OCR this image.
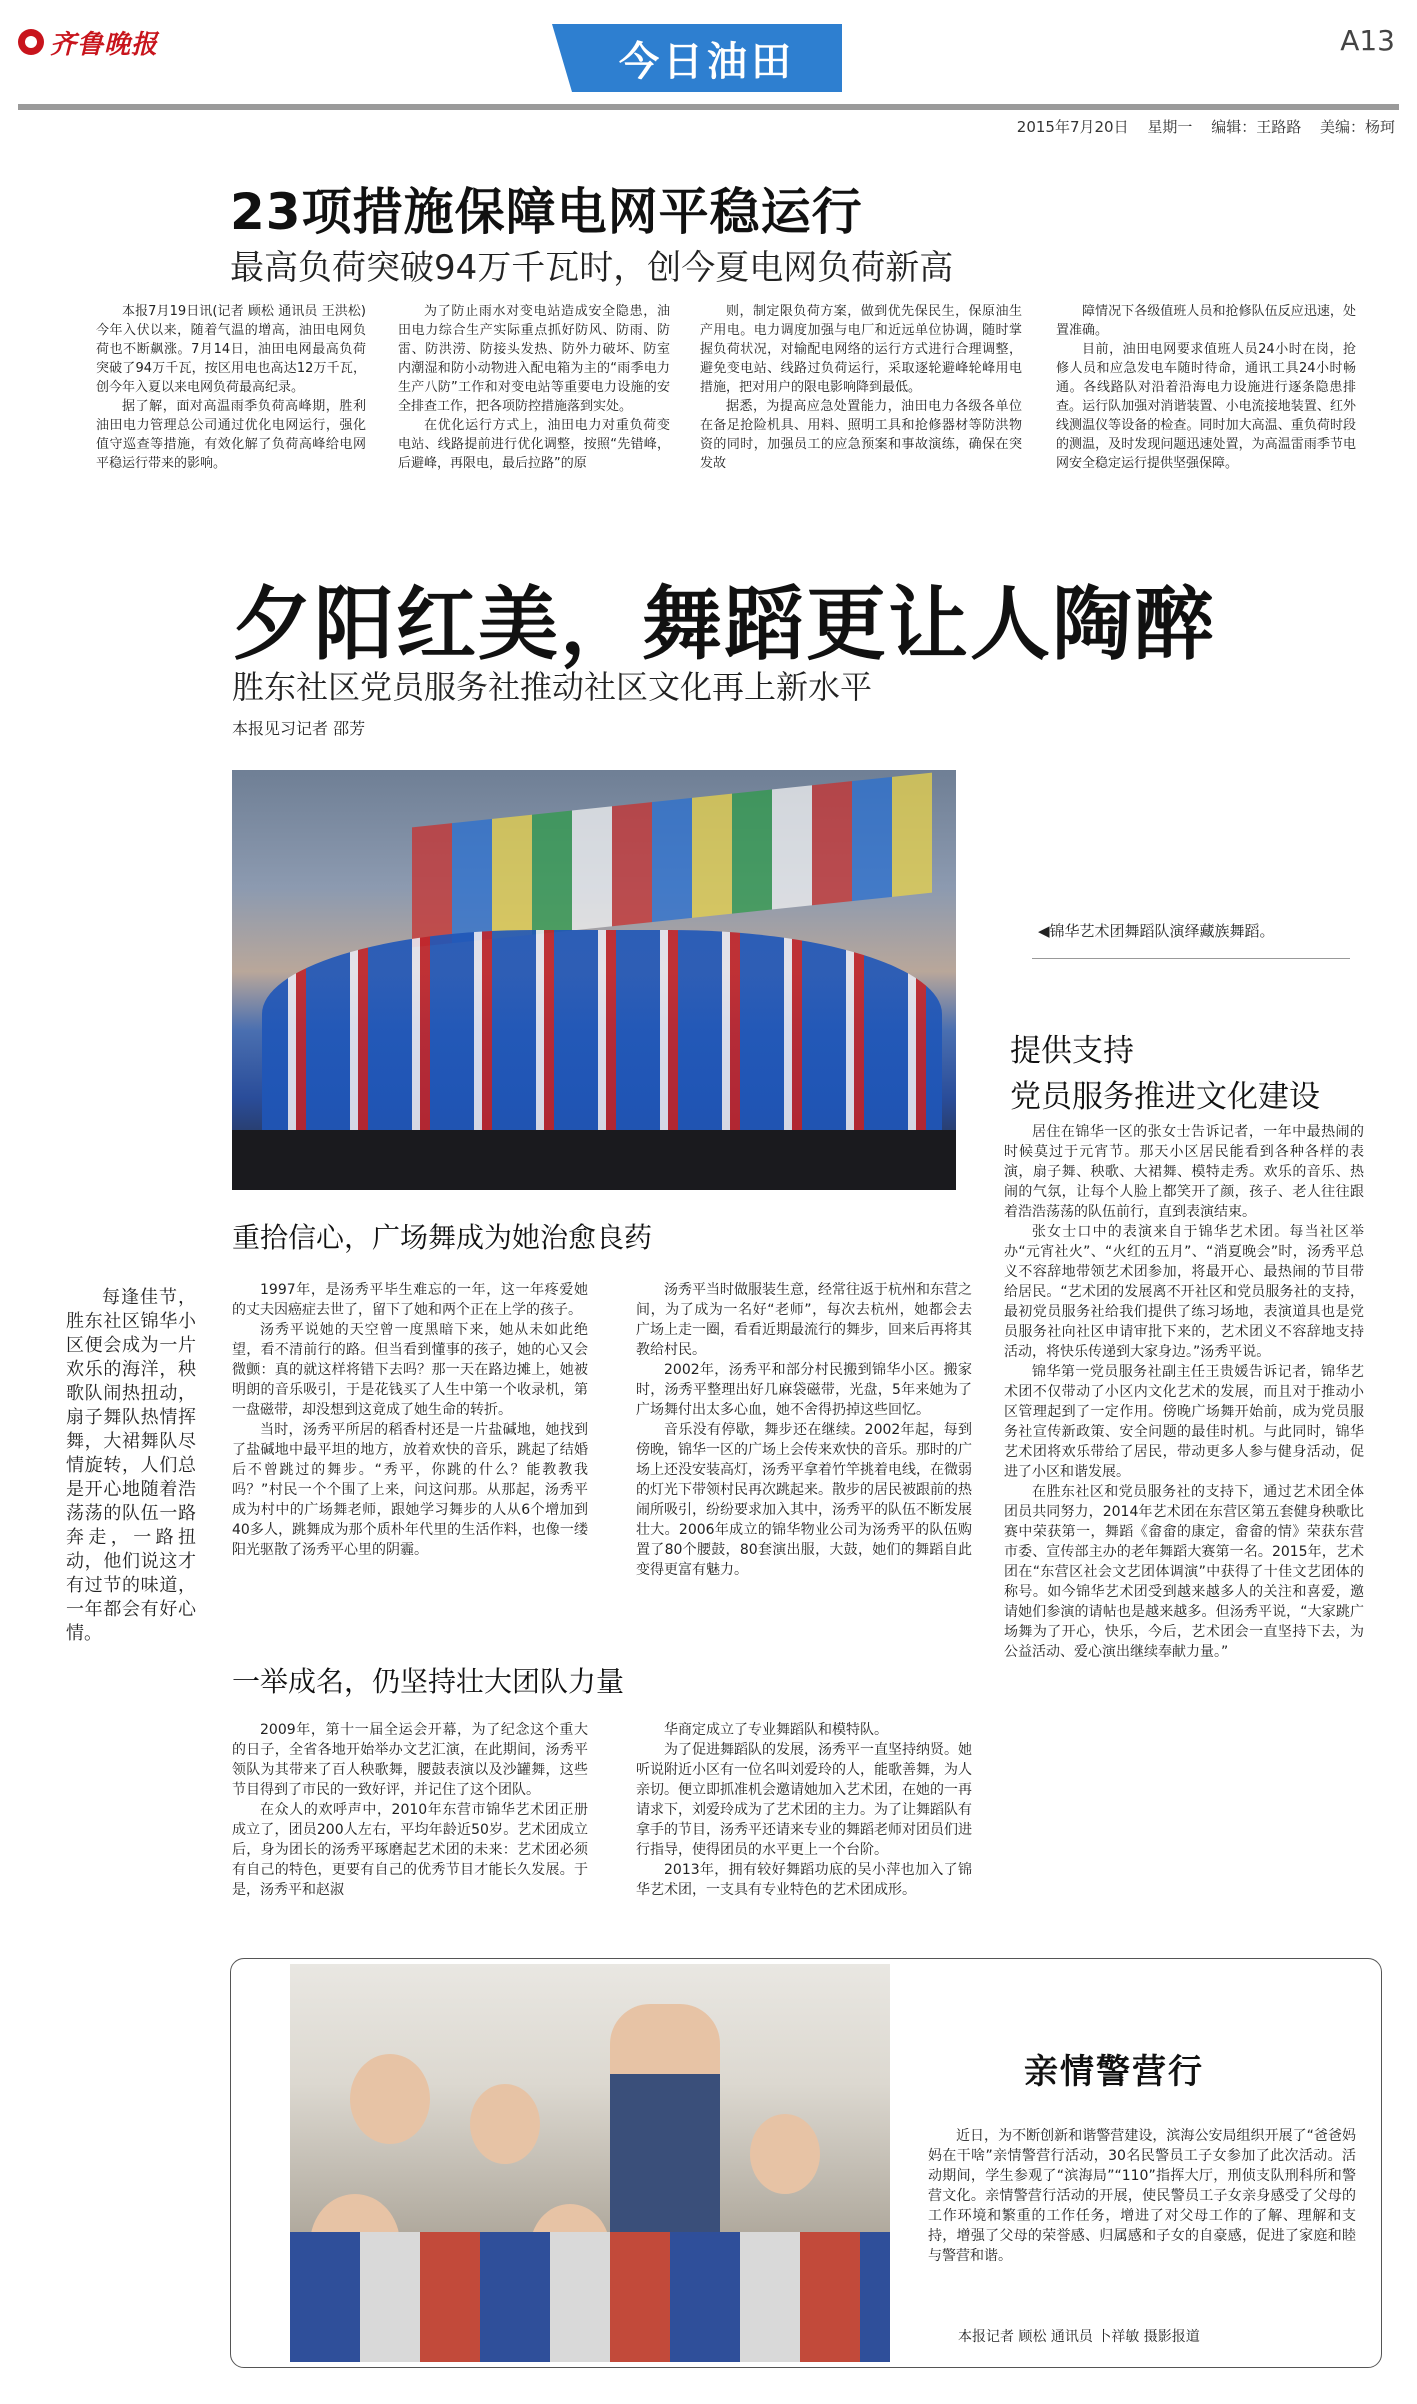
齐鲁晚报	今日油田	A13
2015年7月20日 星期一 编辑：王路路 美编：杨珂
23项措施保障电网平稳运行
最高负荷突破94万千瓦时，创今夏电网负荷新高

本报7月19日讯(记者 顾松 通讯员 王洪松) 今年入伏以来，随着气温的增高，油田电网负荷也不断飙涨。7月14日，油田电网最高负荷突破了94万千瓦，按区用电也高达12万千瓦，创今年入夏以来电网负荷最高纪录。

据了解，面对高温雨季负荷高峰期，胜利油田电力管理总公司通过优化电网运行，强化值守巡查等措施，有效化解了负荷高峰给电网平稳运行带来的影响。

为了防止雨水对变电站造成安全隐患，油田电力综合生产实际重点抓好防风、防雨、防雷、防洪涝、防接头发热、防外力破坏、防室内潮湿和防小动物进入配电箱为主的“雨季电力生产八防”工作和对变电站等重要电力设施的安全排查工作，把各项防控措施落到实处。

在优化运行方式上，油田电力对重负荷变电站、线路提前进行优化调整，按照“先错峰，后避峰，再限电，最后拉路”的原

则，制定限负荷方案，做到优先保民生，保原油生产用电。电力调度加强与电厂和近远单位协调，随时掌握负荷状况，对输配电网络的运行方式进行合理调整，避免变电站、线路过负荷运行，采取逐轮避峰轮峰用电措施，把对用户的限电影响降到最低。

据悉，为提高应急处置能力，油田电力各级各单位在备足抢险机具、用料、照明工具和抢修器材等防洪物资的同时，加强员工的应急预案和事故演练，确保在突发故

障情况下各级值班人员和抢修队伍反应迅速，处置准确。

目前，油田电网要求值班人员24小时在岗，抢修人员和应急发电车随时待命，通讯工具24小时畅通。各线路队对沿着沿海电力设施进行逐条隐患排查。运行队加强对消谐装置、小电流接地装置、红外线测温仪等设备的检查。同时加大高温、重负荷时段的测温，及时发现问题迅速处置，为高温雷雨季节电网安全稳定运行提供坚强保障。

夕阳红美，舞蹈更让人陶醉
胜东社区党员服务社推动社区文化再上新水平
本报见习记者 邵芳
◀锦华艺术团舞蹈队演绎藏族舞蹈。
提供支持
党员服务推进文化建设

居住在锦华一区的张女士告诉记者，一年中最热闹的时候莫过于元宵节。那天小区居民能看到各种各样的表演，扇子舞、秧歌、大裙舞、模特走秀。欢乐的音乐、热闹的气氛，让每个人脸上都笑开了颜，孩子、老人往往跟着浩浩荡荡的队伍前行，直到表演结束。

张女士口中的表演来自于锦华艺术团。每当社区举办“元宵社火”、“火红的五月”、“消夏晚会”时，汤秀平总义不容辞地带领艺术团参加，将最开心、最热闹的节目带给居民。“艺术团的发展离不开社区和党员服务社的支持，最初党员服务社给我们提供了练习场地，表演道具也是党员服务社向社区申请审批下来的，艺术团义不容辞地支持活动，将快乐传递到大家身边。”汤秀平说。

锦华第一党员服务社副主任王贵媛告诉记者，锦华艺术团不仅带动了小区内文化艺术的发展，而且对于推动小区管理起到了一定作用。傍晚广场舞开始前，成为党员服务社宣传新政策、安全问题的最佳时机。与此同时，锦华艺术团将欢乐带给了居民，带动更多人参与健身活动，促进了小区和谐发展。

在胜东社区和党员服务社的支持下，通过艺术团全体团员共同努力，2014年艺术团在东营区第五套健身秧歌比赛中荣获第一，舞蹈《畲畲的康定，畲畲的情》荣获东营市委、宣传部主办的老年舞蹈大赛第一名。2015年，艺术团在“东营区社会文艺团体调演”中获得了十佳文艺团体的称号。如今锦华艺术团受到越来越多人的关注和喜爱，邀请她们参演的请帖也是越来越多。但汤秀平说，“大家跳广场舞为了开心，快乐，今后，艺术团会一直坚持下去，为公益活动、爱心演出继续奉献力量。”

每逢佳节，胜东社区锦华小区便会成为一片欢乐的海洋，秧歌队闹热扭动，扇子舞队热情挥舞，大裙舞队尽情旋转，人们总是开心地随着浩荡荡的队伍一路奔走，一路扭动，他们说这才有过节的味道，一年都会有好心情。

重拾信心，广场舞成为她治愈良药

1997年，是汤秀平毕生难忘的一年，这一年疼爱她的丈夫因癌症去世了，留下了她和两个正在上学的孩子。

汤秀平说她的天空曾一度黑暗下来，她从未如此绝望，看不清前行的路。但当看到懂事的孩子，她的心又会微颤：真的就这样将错下去吗？那一天在路边摊上，她被明朗的音乐吸引，于是花钱买了人生中第一个收录机，第一盘磁带，却没想到这竟成了她生命的转折。

当时，汤秀平所居的稻香村还是一片盐碱地，她找到了盐碱地中最平坦的地方，放着欢快的音乐，跳起了结婚后不曾跳过的舞步。“秀平，你跳的什么？能教教我吗？”村民一个个围了上来，问这问那。从那起，汤秀平成为村中的广场舞老师，跟她学习舞步的人从6个增加到40多人，跳舞成为那个质朴年代里的生活作料，也像一缕阳光驱散了汤秀平心里的阴霾。

汤秀平当时做服装生意，经常往返于杭州和东营之间，为了成为一名好“老师”，每次去杭州，她都会去广场上走一圈，看看近期最流行的舞步，回来后再将其教给村民。

2002年，汤秀平和部分村民搬到锦华小区。搬家时，汤秀平整理出好几麻袋磁带，光盘，5年来她为了广场舞付出太多心血，她不舍得扔掉这些回忆。

音乐没有停歇，舞步还在继续。2002年起，每到傍晚，锦华一区的广场上会传来欢快的音乐。那时的广场上还没安装高灯，汤秀平拿着竹竿挑着电线，在微弱的灯光下带领村民再次跳起来。散步的居民被跟前的热闹所吸引，纷纷要求加入其中，汤秀平的队伍不断发展壮大。2006年成立的锦华物业公司为汤秀平的队伍购置了80个腰鼓，80套演出服，大鼓，她们的舞蹈自此变得更富有魅力。

一举成名，仍坚持壮大团队力量

2009年，第十一届全运会开幕，为了纪念这个重大的日子，全省各地开始举办文艺汇演，在此期间，汤秀平领队为其带来了百人秧歌舞，腰鼓表演以及沙罐舞，这些节目得到了市民的一致好评，并记住了这个团队。

在众人的欢呼声中，2010年东营市锦华艺术团正册成立了，团员200人左右，平均年龄近50岁。艺术团成立后，身为团长的汤秀平琢磨起艺术团的未来：艺术团必须有自己的特色，更要有自己的优秀节目才能长久发展。于是，汤秀平和赵淑

华商定成立了专业舞蹈队和模特队。

为了促进舞蹈队的发展，汤秀平一直坚持纳贤。她听说附近小区有一位名叫刘爱玲的人，能歌善舞，为人亲切。便立即抓准机会邀请她加入艺术团，在她的一再请求下，刘爱玲成为了艺术团的主力。为了让舞蹈队有拿手的节目，汤秀平还请来专业的舞蹈老师对团员们进行指导，使得团员的水平更上一个台阶。

2013年，拥有较好舞蹈功底的吴小萍也加入了锦华艺术团，一支具有专业特色的艺术团成形。

亲情警营行

近日，为不断创新和谐警营建设，滨海公安局组织开展了“爸爸妈妈在干啥”亲情警营行活动，30名民警员工子女参加了此次活动。活动期间，学生参观了“滨海局”“110”指挥大厅，刑侦支队刑科所和警营文化。亲情警营行活动的开展，使民警员工子女亲身感受了父母的工作环境和繁重的工作任务，增进了对父母工作的了解、理解和支持，增强了父母的荣誉感、归属感和子女的自豪感，促进了家庭和睦与警营和谐。

本报记者 顾松 通讯员 卜祥敏 摄影报道
